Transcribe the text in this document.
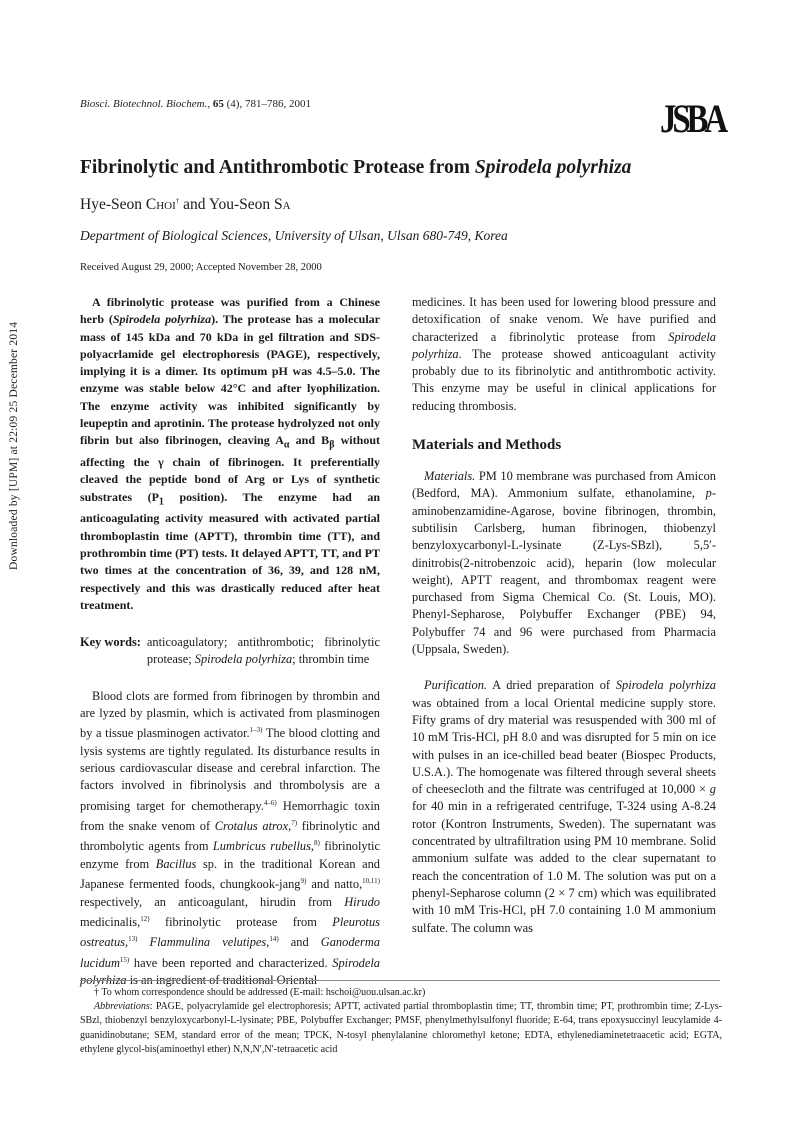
Downloaded by [UPM] at 22:09 25 December 2014
Biosci. Biotechnol. Biochem., 65 (4), 781–786, 2001	JSBA
Fibrinolytic and Antithrombotic Protease from Spirodela polyrhiza
Hye-Seon Choi† and You-Seon Sa
Department of Biological Sciences, University of Ulsan, Ulsan 680-749, Korea
Received August 29, 2000; Accepted November 28, 2000

A fibrinolytic protease was purified from a Chinese herb (Spirodela polyrhiza). The protease has a molecular mass of 145 kDa and 70 kDa in gel filtration and SDS-polyacrlamide gel electrophoresis (PAGE), respectively, implying it is a dimer. Its optimum pH was 4.5–5.0. The enzyme was stable below 42°C and after lyophilization. The enzyme activity was inhibited significantly by leupeptin and aprotinin. The protease hydrolyzed not only fibrin but also fibrinogen, cleaving $A_\alpha$ and $B_\beta$ without affecting the γ chain of fibrinogen. It preferentially cleaved the peptide bond of Arg or Lys of synthetic substrates ($P_1$ position). The enzyme had an anticoagulating activity measured with activated partial thromboplastin time (APTT), thrombin time (TT), and prothrombin time (PT) tests. It delayed APTT, TT, and PT two times at the concentration of 36, 39, and 128 nM, respectively and this was drastically reduced after heat treatment.

Key words: anticoagulatory; antithrombotic; fibrinolytic protease; Spirodela polyrhiza; thrombin time

Blood clots are formed from fibrinogen by thrombin and are lyzed by plasmin, which is activated from plasminogen by a tissue plasminogen activator.$^{1-3)}$ The blood clotting and lysis systems are tightly regulated. Its disturbance results in serious cardiovascular disease and cerebral infarction. The factors involved in fibrinolysis and thrombolysis are a promising target for chemotherapy.$^{4-6)}$ Hemorrhagic toxin from the snake venom of Crotalus atrox,$^{7)}$ fibrinolytic and thrombolytic agents from Lumbricus rubellus,$^{8)}$ fibrinolytic enzyme from Bacillus sp. in the traditional Korean and Japanese fermented foods, chungkook-jang$^{9)}$ and natto,$^{10,11)}$ respectively, an anticoagulant, hirudin from Hirudo medicinalis,$^{12)}$ fibrinolytic protease from Pleurotus ostreatus,$^{13)}$ Flammulina velutipes,$^{14)}$ and Ganoderma lucidum$^{15)}$ have been reported and characterized. Spirodela polyrhiza is an ingredient of traditional Oriental

medicines. It has been used for lowering blood pressure and detoxification of snake venom. We have purified and characterized a fibrinolytic protease from Spirodela polyrhiza. The protease showed anticoagulant activity probably due to its fibrinolytic and antithrombotic activity. This enzyme may be useful in clinical applications for reducing thrombosis.

Materials and Methods

Materials. PM 10 membrane was purchased from Amicon (Bedford, MA). Ammonium sulfate, ethanolamine, p-aminobenzamidine-Agarose, bovine fibrinogen, thrombin, subtilisin Carlsberg, human fibrinogen, thiobenzyl benzyloxycarbonyl-L-lysinate (Z-Lys-SBzl), 5,5′-dinitrobis(2-nitrobenzoic acid), heparin (low molecular weight), APTT reagent, and thrombomax reagent were purchased from Sigma Chemical Co. (St. Louis, MO). Phenyl-Sepharose, Polybuffer Exchanger (PBE) 94, Polybuffer 74 and 96 were purchased from Pharmacia (Uppsala, Sweden).

Purification. A dried preparation of Spirodela polyrhiza was obtained from a local Oriental medicine supply store. Fifty grams of dry material was resuspended with 300 ml of 10 mM Tris-HCl, pH 8.0 and was disrupted for 5 min on ice with pulses in an ice-chilled bead beater (Biospec Products, U.S.A.). The homogenate was filtered through several sheets of cheesecloth and the filtrate was centrifuged at 10,000 × g for 40 min in a refrigerated centrifuge, T-324 using A-8.24 rotor (Kontron Instruments, Sweden). The supernatant was concentrated by ultrafiltration using PM 10 membrane. Solid ammonium sulfate was added to the clear supernatant to reach the concentration of 1.0 M. The solution was put on a phenyl-Sepharose column (2 × 7 cm) which was equilibrated with 10 mM Tris-HCl, pH 7.0 containing 1.0 M ammonium sulfate. The column was

† To whom correspondence should be addressed (E-mail: hschoi@uou.ulsan.ac.kr)

Abbreviations: PAGE, polyacrylamide gel electrophoresis; APTT, activated partial thromboplastin time; TT, thrombin time; PT, prothrombin time; Z-Lys-SBzl, thiobenzyl benzyloxycarbonyl-L-lysinate; PBE, Polybuffer Exchanger; PMSF, phenylmethylsulfonyl fluoride; E-64, trans epoxysuccinyl leucylamide 4-guanidinobutane; SEM, standard error of the mean; TPCK, N-tosyl phenylalanine chloromethyl ketone; EDTA, ethylenediaminetetraacetic acid; EGTA, ethylene glycol-bis(aminoethyl ether) N,N,N′,N′-tetraacetic acid
